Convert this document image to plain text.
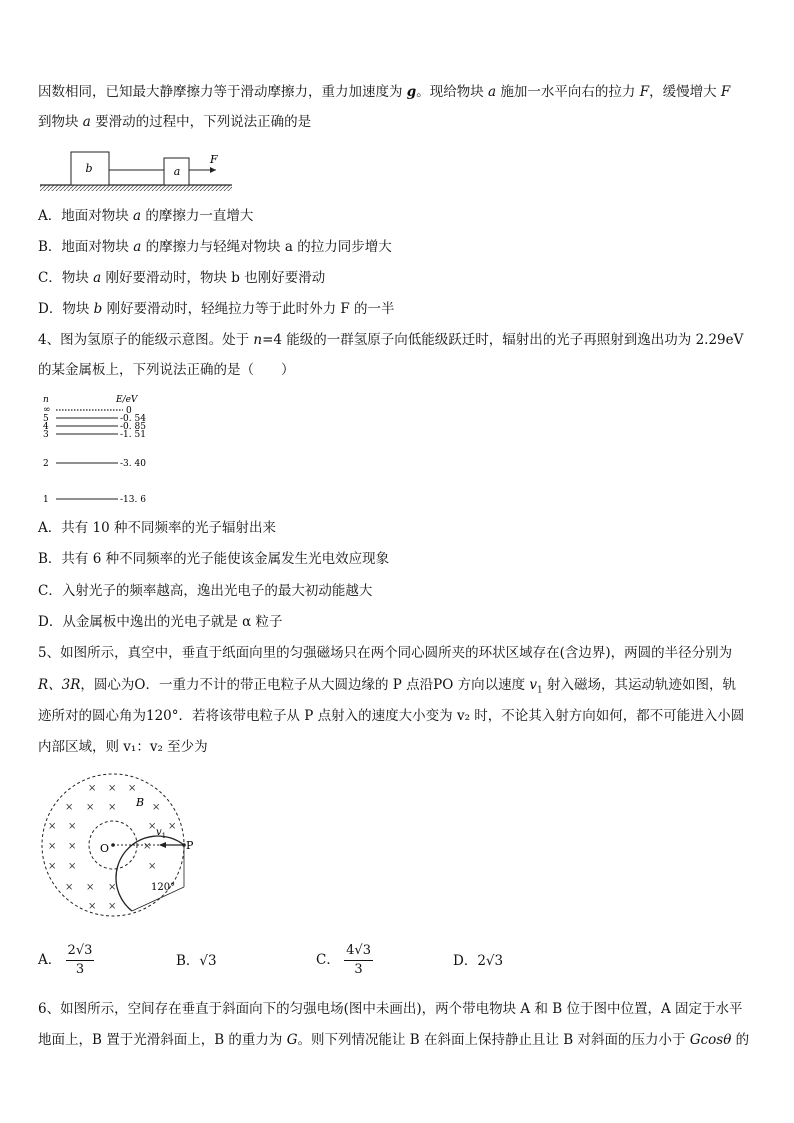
因数相同，已知最大静摩擦力等于滑动摩擦力，重力加速度为 g。现给物块 a 施加一水平向右的拉力 F，缓慢增大 F
到物块 a 要滑动的过程中，下列说法正确的是
b	a
F
A．地面对物块 a 的摩擦力一直增大
B．地面对物块 a 的摩擦力与轻绳对物块 a 的拉力同步增大
C．物块 a 刚好要滑动时，物块 b 也刚好要滑动
D．物块 b 刚好要滑动时，轻绳拉力等于此时外力 F 的一半
4、图为氢原子的能级示意图。处于 n=4 能级的一群氢原子向低能级跃迁时，辐射出的光子再照射到逸出功为 2.29eV
的某金属板上，下列说法正确的是（　　）
n	E/eV
∞	0
5	-0. 54
4	-0. 85
3	-1. 51
2	-3. 40
1	-13. 6
A．共有 10 种不同频率的光子辐射出来
B．共有 6 种不同频率的光子能使该金属发生光电效应现象
C．入射光子的频率越高，逸出光电子的最大初动能越大
D．从金属板中逸出的光电子就是 α 粒子
5、如图所示，真空中，垂直于纸面向里的匀强磁场只在两个同心圆所夹的环状区域存在(含边界)，两圆的半径分别为
R、3R，圆心为O．一重力不计的带正电粒子从大圆边缘的 P 点沿PO 方向以速度 $v_1$ 射入磁场，其运动轨迹如图，轨
迹所对的圆心角为120°．若将该带电粒子从 P 点射入的速度大小变为 v₂ 时，不论其入射方向如何，都不可能进入小圆
内部区域，则 v₁：v₂ 至少为
× × ×
× × ×	×
× ×	× ×
× ×	×
× ×	×
× × ×
× ×
B
O
$v_1$
P
120°
A． $\frac{2√3}{3}$	B．√3	C． $\frac{4√3}{3}$	D．2√3
6、如图所示，空间存在垂直于斜面向下的匀强电场(图中未画出)，两个带电物块 A 和 B 位于图中位置，A 固定于水平
地面上，B 置于光滑斜面上，B 的重力为 G。则下列情况能让 B 在斜面上保持静止且让 B 对斜面的压力小于 Gcosθ 的
